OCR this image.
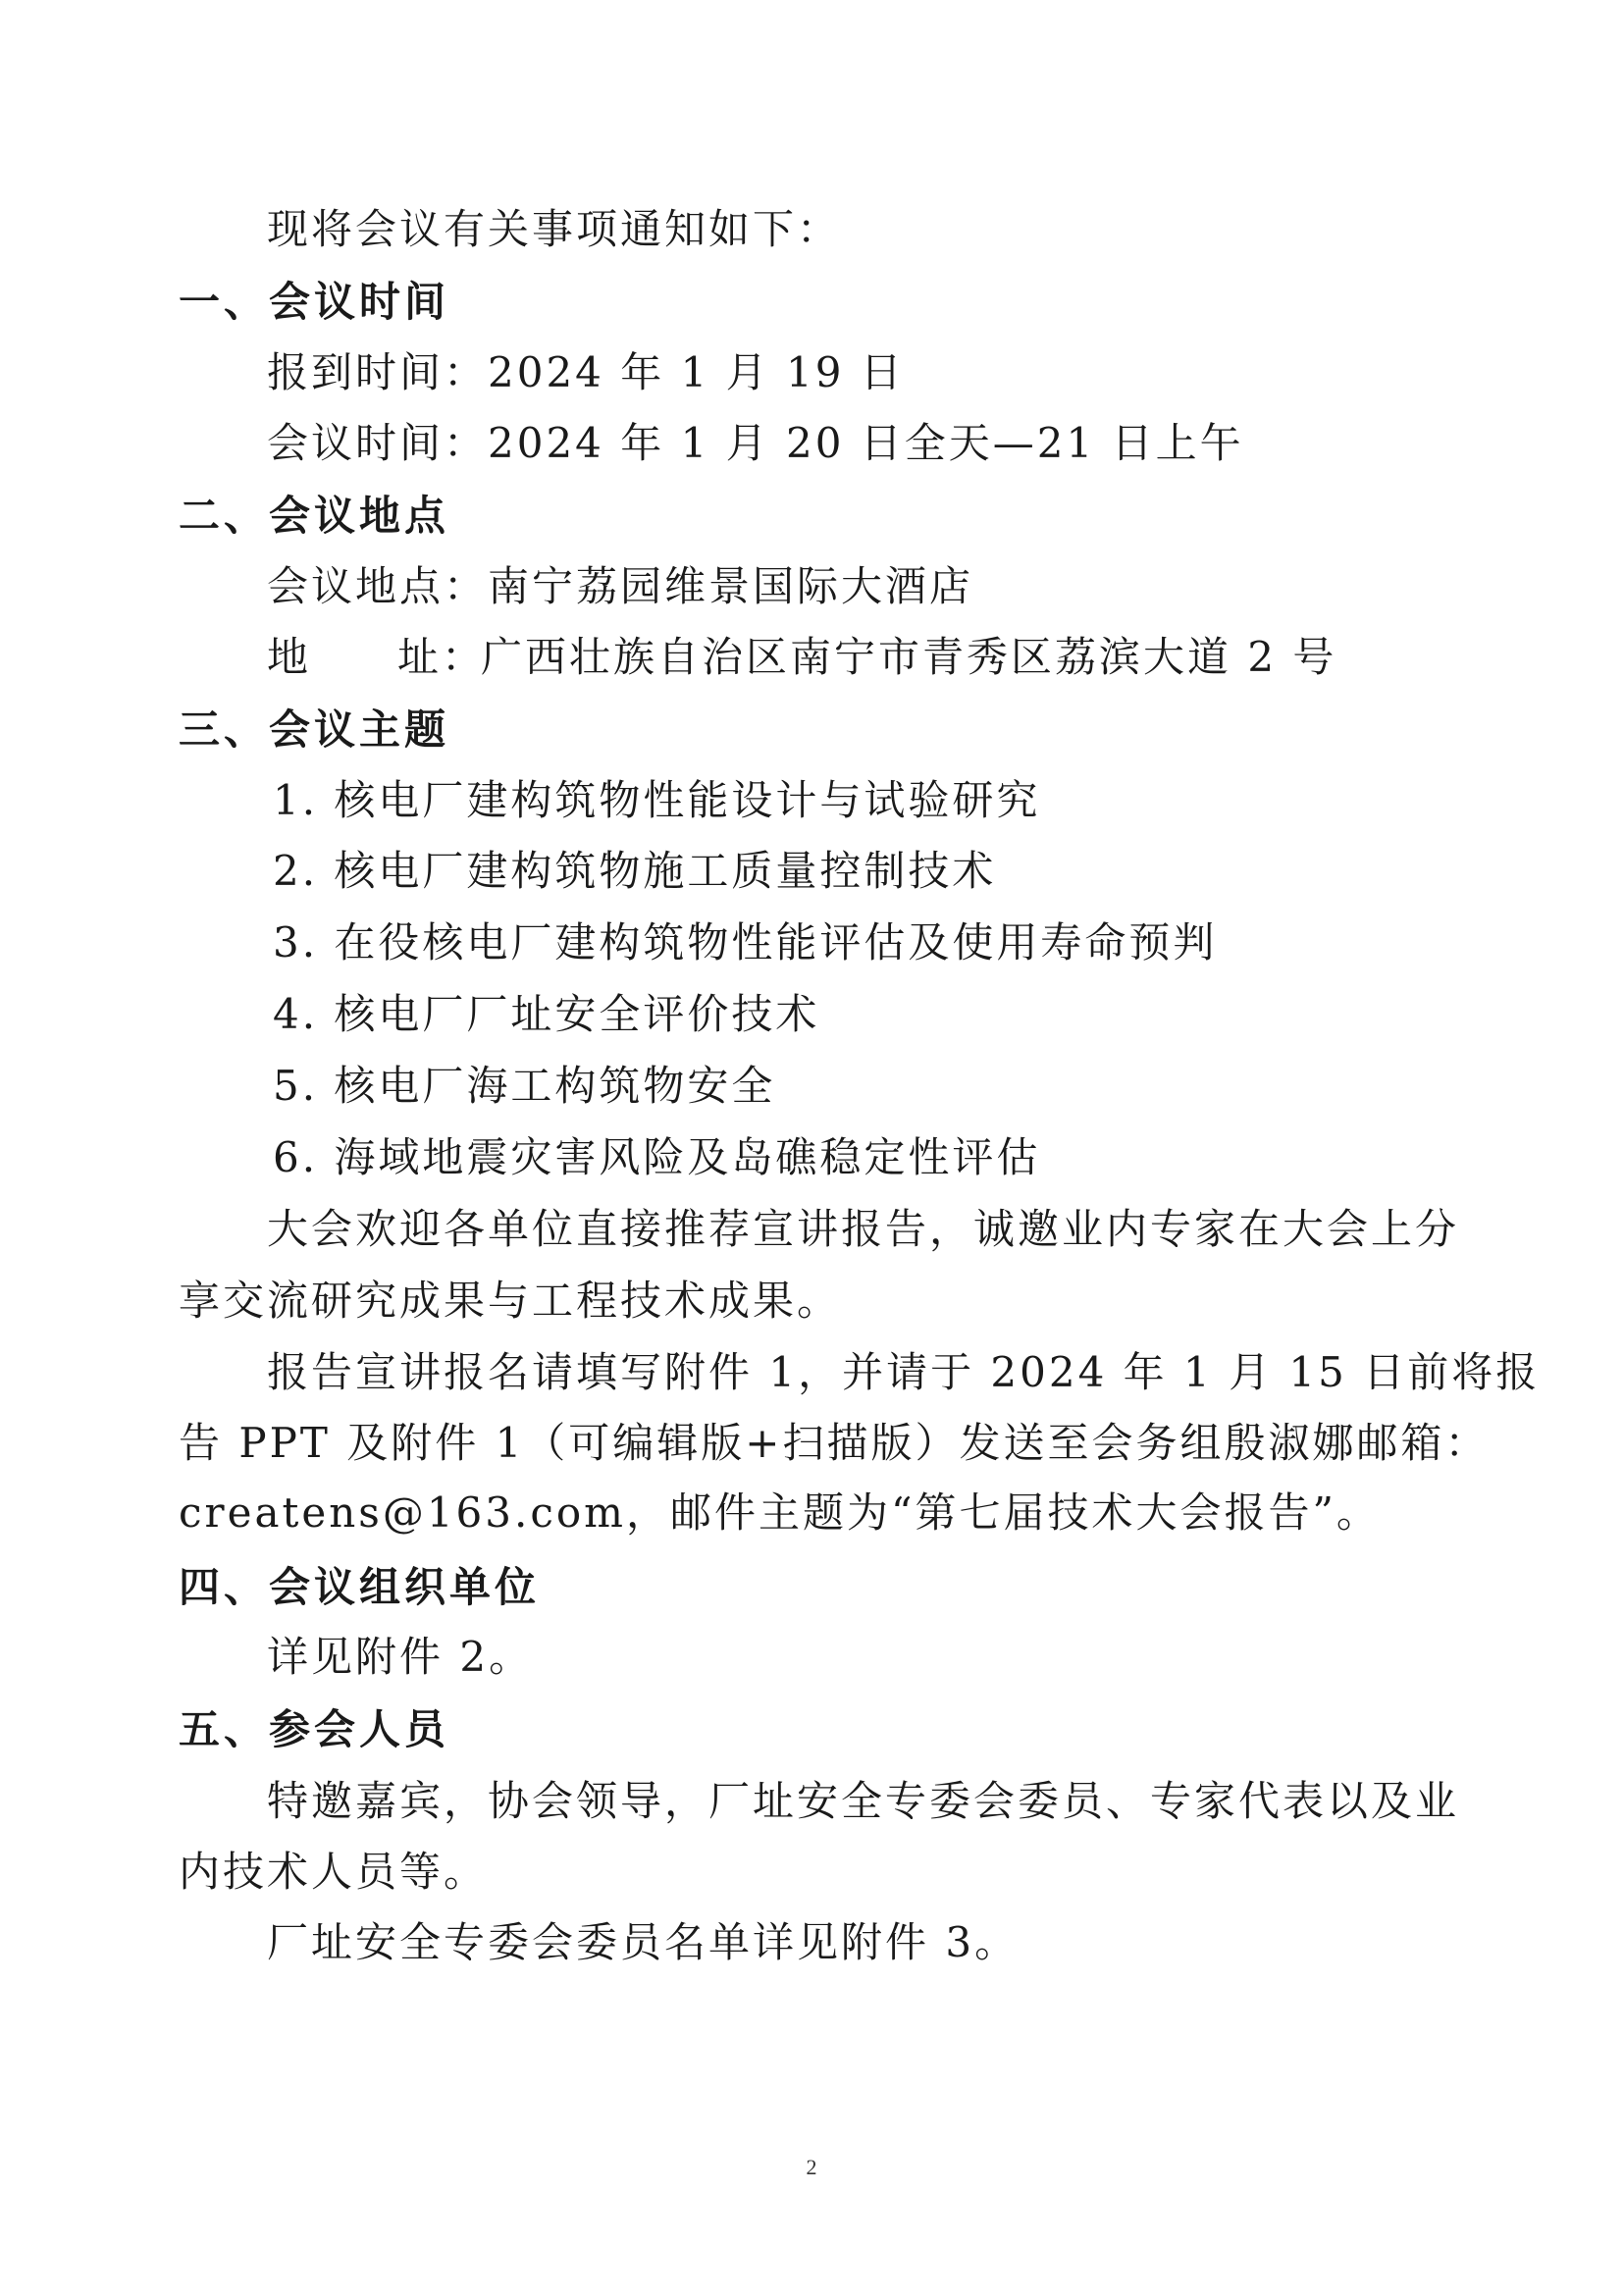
现将会议有关事项通知如下：
一、会议时间
报到时间：2024 年 1 月 19 日
会议时间：2024 年 1 月 20 日全天—21 日上午
二、会议地点
会议地点：南宁荔园维景国际大酒店
地 址：广西壮族自治区南宁市青秀区荔滨大道 2 号
三、会议主题
1. 核电厂建构筑物性能设计与试验研究
2. 核电厂建构筑物施工质量控制技术
3. 在役核电厂建构筑物性能评估及使用寿命预判
4. 核电厂厂址安全评价技术
5. 核电厂海工构筑物安全
6. 海域地震灾害风险及岛礁稳定性评估
大会欢迎各单位直接推荐宣讲报告，诚邀业内专家在大会上分
享交流研究成果与工程技术成果。
报告宣讲报名请填写附件 1，并请于 2024 年 1 月 15 日前将报
告 PPT 及附件 1（可编辑版+扫描版）发送至会务组殷淑娜邮箱：
createns@163.com，邮件主题为“第七届技术大会报告”。
四、会议组织单位
详见附件 2。
五、参会人员
特邀嘉宾，协会领导，厂址安全专委会委员、专家代表以及业
内技术人员等。
厂址安全专委会委员名单详见附件 3。
2
